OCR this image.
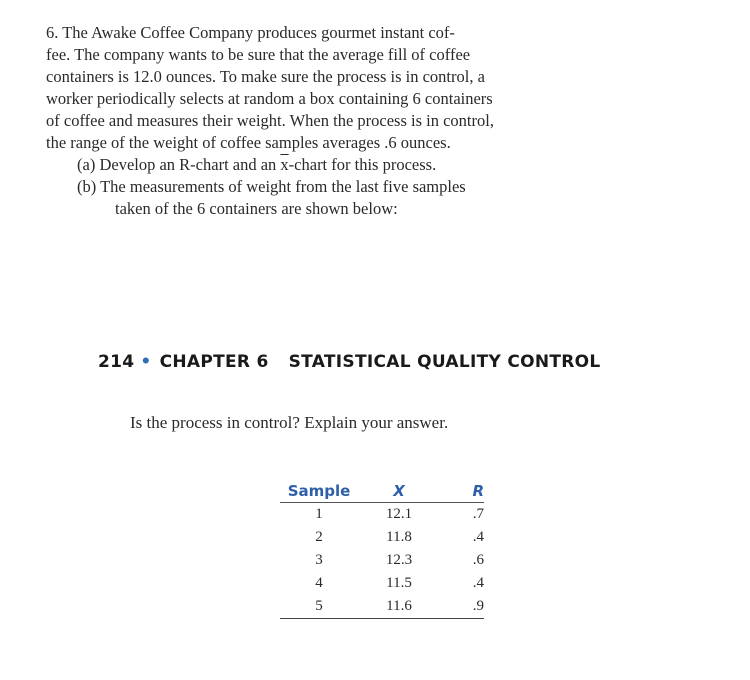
6. The Awake Coffee Company produces gourmet instant cof-
fee. The company wants to be sure that the average fill of coffee
containers is 12.0 ounces. To make sure the process is in control, a
worker periodically selects at random a box containing 6 containers
of coffee and measures their weight. When the process is in control,
the range of the weight of coffee samples averages .6 ounces.
(a) Develop an R-chart and an $\overline{x}$-chart for this process.
(b) The measurements of weight from the last five samples
taken of the 6 containers are shown below:
214 • CHAPTER 6 STATISTICAL QUALITY CONTROL
Is the process in control? Explain your answer.
Sample	X	R
1	12.1	.7
2	11.8	.4
3	12.3	.6
4	11.5	.4
5	11.6	.9
